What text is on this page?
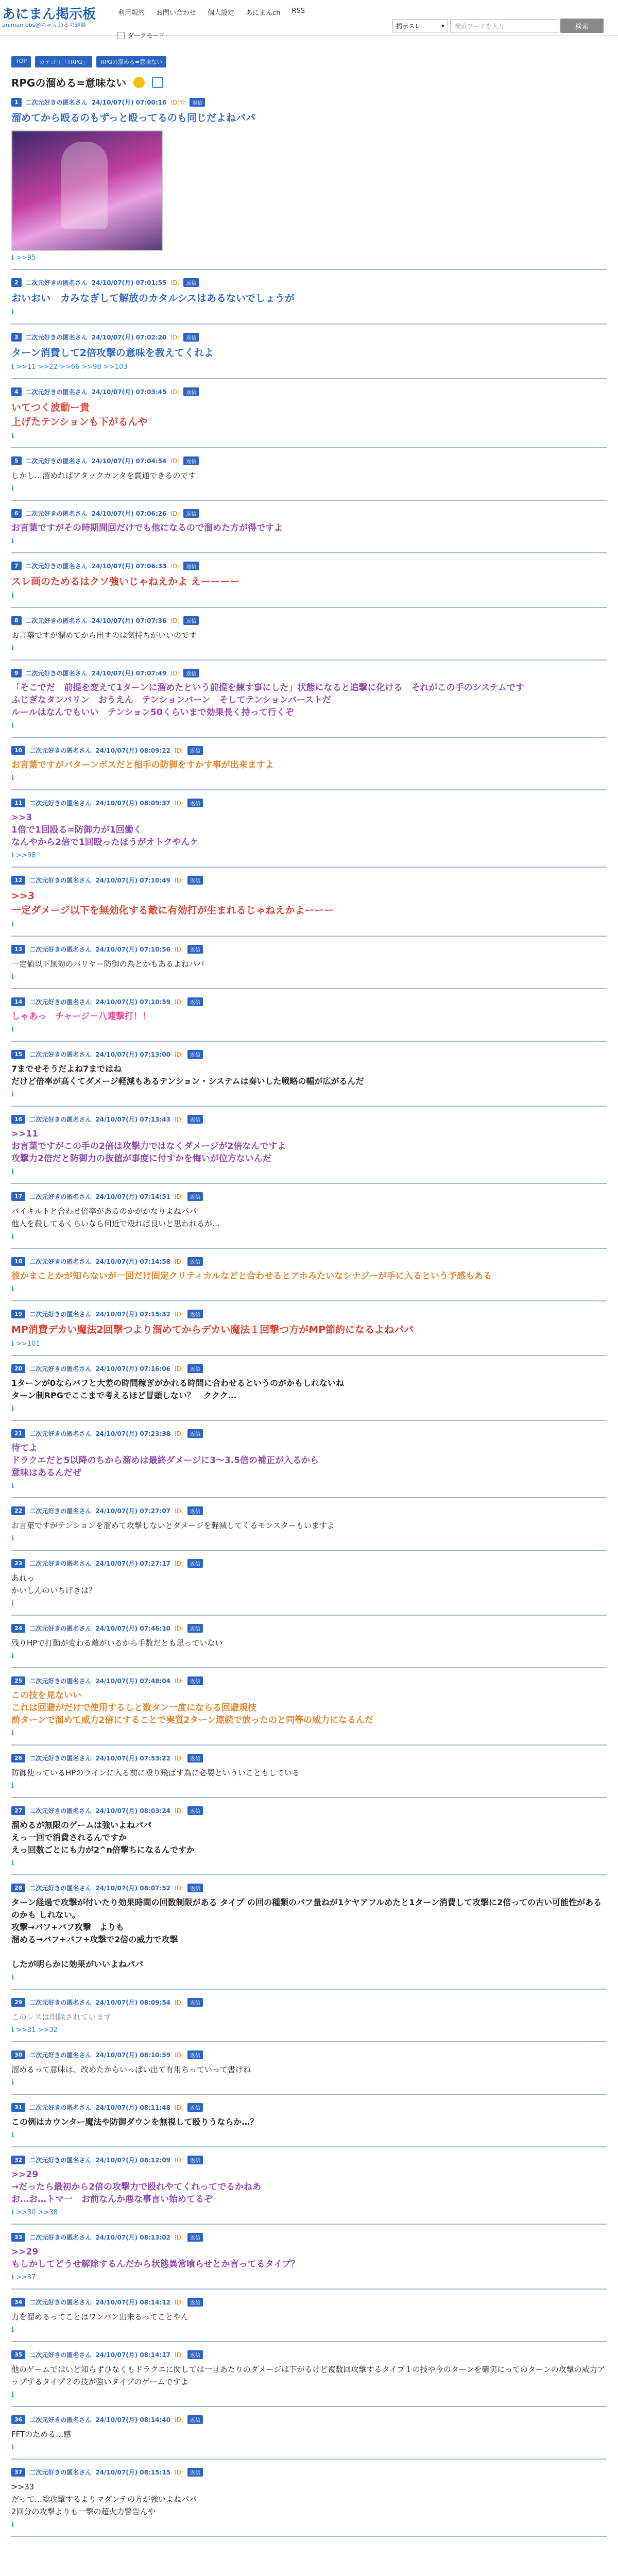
あにまん掲示板
animan bbs@ちゃんねるの雑談
利用規約 お問い合わせ 個人設定 あにまんch RSS
ダークモード
掲示スレ	▾	検索ワードを入力	検索
TOP	カテゴリ「TRPG」	RPGの溜める=意味ない
RPGの溜める=意味ない
1	二次元好きの匿名さん 24/10/07(月) 07:00:16 ID:Yr	返信
溜めてから殴るのもずっと殴ってるのも同じだよねパパ
ℹ >>95
2	二次元好きの匿名さん 24/10/07(月) 07:01:55 ID:	返信
おいおい　カみなぎして解放のカタルシスはあるないでしょうが
ℹ
3	二次元好きの匿名さん 24/10/07(月) 07:02:20 ID:	返信
ターン消費して2倍攻撃の意味を教えてくれよ
ℹ >>11 >>22 >>66 >>98 >>103
4	二次元好きの匿名さん 24/10/07(月) 07:03:45 ID:	返信
いてつく波動ー貴
上げたテンションも下がるんや
ℹ
5	二次元好きの匿名さん 24/10/07(月) 07:04:54 ID:	返信
しかし…溜めればアタックカンタを貫通できるのです
ℹ
6	二次元好きの匿名さん 24/10/07(月) 07:06:26 ID:	返信
お言葉ですがその時期間回だけでも他になるので溜めた方が得ですよ
ℹ
7	二次元好きの匿名さん 24/10/07(月) 07:06:33 ID:	返信
スレ画のためるはクソ強いじゃねえかよ えーーーー
ℹ
8	二次元好きの匿名さん 24/10/07(月) 07:07:36 ID:	返信
お言葉ですが溜めてから出すのは気持ちがいいのです
ℹ
9	二次元好きの匿名さん 24/10/07(月) 07:07:49 ID:	返信
「そこでだ　前提を変えて1ターンに溜めたという前提を練す事にした」状態になると追撃に化ける　それがこの手のシステムです
ふじぎなタンバリン　おうえん　テンションバーン　そしてテンションバーストだ
ルールはなんでもいい　テンション50くらいまで効果長く持って行くぞ
ℹ
10	二次元好きの匿名さん 24/10/07(月) 08:09:22 ID:	返信
お言葉ですがパターンボスだと相手の防御をすかす事が出来ますよ
ℹ
11	二次元好きの匿名さん 24/10/07(月) 08:09:37 ID:	返信
>>3
1倍で1回殴る=防御力が1回働く
なんやから2倍で1回殴ったほうがオトクやんケ
ℹ >>98
12	二次元好きの匿名さん 24/10/07(月) 07:10:49 ID:	返信
>>3
一定ダメージ以下を無効化する敵に有効打が生まれるじゃねえかよーーー
ℹ
13	二次元好きの匿名さん 24/10/07(月) 07:10:56 ID:	返信
一定値以下無効のバリヤー防御の為とかもあるよねパパ
ℹ
14	二次元好きの匿名さん 24/10/07(月) 07:10:59 ID:	返信
しゃあっ　チャージ－八連撃打！！
ℹ
15	二次元好きの匿名さん 24/10/07(月) 07:13:00 ID:	返信
7までせそうだよね7まではね
だけど倍率が高くてダメージ軽減もあるテンション・システムは奏いした戦略の幅が広がるんだ
ℹ
16	二次元好きの匿名さん 24/10/07(月) 07:13:43 ID:	返信
>>11
お言葉ですがこの手の2倍は攻撃力ではなくダメージが2倍なんですよ
攻撃力2倍だと防御力の抜値が事度に付すかを悔いが位方ないんだ
ℹ
17	二次元好きの匿名さん 24/10/07(月) 07:14:51 ID:	返信
バイキルトと合わせ倍率があるのかがかなりよねパパ
他人を殺してるくらいなら何近で殴れば良いと思われるが…
ℹ
18	二次元好きの匿名さん 24/10/07(月) 07:14:58 ID:	返信
彼かまことかが知らないが一回だけ固定クリティカルなどと合わせるとアホみたいなシナジーが手に入るという予感もある
ℹ
19	二次元好きの匿名さん 24/10/07(月) 07:15:32 ID:	返信
MP消費デカい魔法2回撃つより溜めてからデカい魔法１回撃つ方がMP節約になるよねパパ
ℹ >>101
20	二次元好きの匿名さん 24/10/07(月) 07:16:06 ID:	返信
1ターンが0ならバフと大差の時間稼ぎがかれる時間に合わせるというのがかもしれないね
ターン制RPGでここまで考えるほど冒頭しない？　ククク…
ℹ
21	二次元好きの匿名さん 24/10/07(月) 07:23:38 ID:	返信
待てよ
ドラクエだと5以降のちから溜めは最終ダメージに3～3.5倍の補正が入るから
意味はあるんだぜ
ℹ
22	二次元好きの匿名さん 24/10/07(月) 07:27:07 ID:	返信
お言葉ですがテンションを溜めて攻撃しないとダメージを軽減してくるモンスターもいますよ
ℹ
23	二次元好きの匿名さん 24/10/07(月) 07:27:17 ID:	返信
あれっ
かいしんのいちげきは？
ℹ
24	二次元好きの匿名さん 24/10/07(月) 07:46:10 ID:	返信
残りHPで打動が変わる敵がいるから手数だとも思っていない
ℹ
25	二次元好きの匿名さん 24/10/07(月) 07:48:04 ID:	返信
この技を見ないい
これは回避がだけで使用するしと数タン一度にならる回避規技
前ターンで溜めて威力2倍にすることで実質2ターン連続で放ったのと同等の威力になるんだ
ℹ
26	二次元好きの匿名さん 24/10/07(月) 07:53:22 ID:	返信
防御使っているHPのラインに入る前に殴り飛ばす為に必要といういこともしている
ℹ
27	二次元好きの匿名さん 24/10/07(月) 08:03:24 ID:	返信
溜めるが無限のゲームは強いよねパパ
えっ一回で消費されるんですか
えっ回数ごとにも力が2^n倍撃ちになるんですか
ℹ
28	二次元好きの匿名さん 24/10/07(月) 08:07:52 ID:	返信
ターン経過で攻撃が付いたり効果時間の回数制限がある タイプ の回の種類のバフ量ねが1ケヤアフルめたと1ターン消費して攻撃に2倍っての古い可能性があるのかも しれない。
攻撃→バフ+バフ攻撃　よりも
溜める→バフ+バフ+攻撃で2倍の威力で攻撃

したが明らかに効果がいいよねパパ
ℹ
29	二次元好きの匿名さん 24/10/07(月) 08:09:54 ID:	返信
このレスは削除されています
ℹ >>31 >>32
30	二次元好きの匿名さん 24/10/07(月) 08:10:59 ID:	返信
溜めるって意味は、改めたからいっぱい出て有用ちっていって書けね
ℹ
31	二次元好きの匿名さん 24/10/07(月) 08:11:48 ID:	返信
この例はカウンター魔法や防御ダウンを無視して殴りうならか…？
ℹ
32	二次元好きの匿名さん 24/10/07(月) 08:12:09 ID:	返信
>>29
→だったら最初から2倍の攻撃力で殴れやてくれってでるかねあ
お…お…トマ一　お前なんか悪な事言い始めてるぞ
ℹ >>30 >>38
33	二次元好きの匿名さん 24/10/07(月) 08:13:02 ID:	返信
>>29
もしかしてどうせ解除するんだから状態異常喰らせとか言ってるタイプ？
ℹ >>37
34	二次元好きの匿名さん 24/10/07(月) 08:14:12 ID:	返信
力を溜めるってことはワンパン出来るってことやん
ℹ
35	二次元好きの匿名さん 24/10/07(月) 08:14:17 ID:	返信
他のゲームではいど知らずひなくもドラクエに関しては一旦あたりのダメージは下がるけど複数回攻撃するタイプ１の技や今のターンを確実にってのターンの攻撃の威力アップするタイプ２の技が強いタイプのゲームですよ
ℹ
36	二次元好きの匿名さん 24/10/07(月) 08:14:40 ID:	返信
FFTのためる…感
ℹ
37	二次元好きの匿名さん 24/10/07(月) 08:15:15 ID:	返信
>>33
だって…総攻撃するよりマダンテの方が強いよねパパ
2回分の攻撃よりも一撃の超火力警告んや
ℹ
